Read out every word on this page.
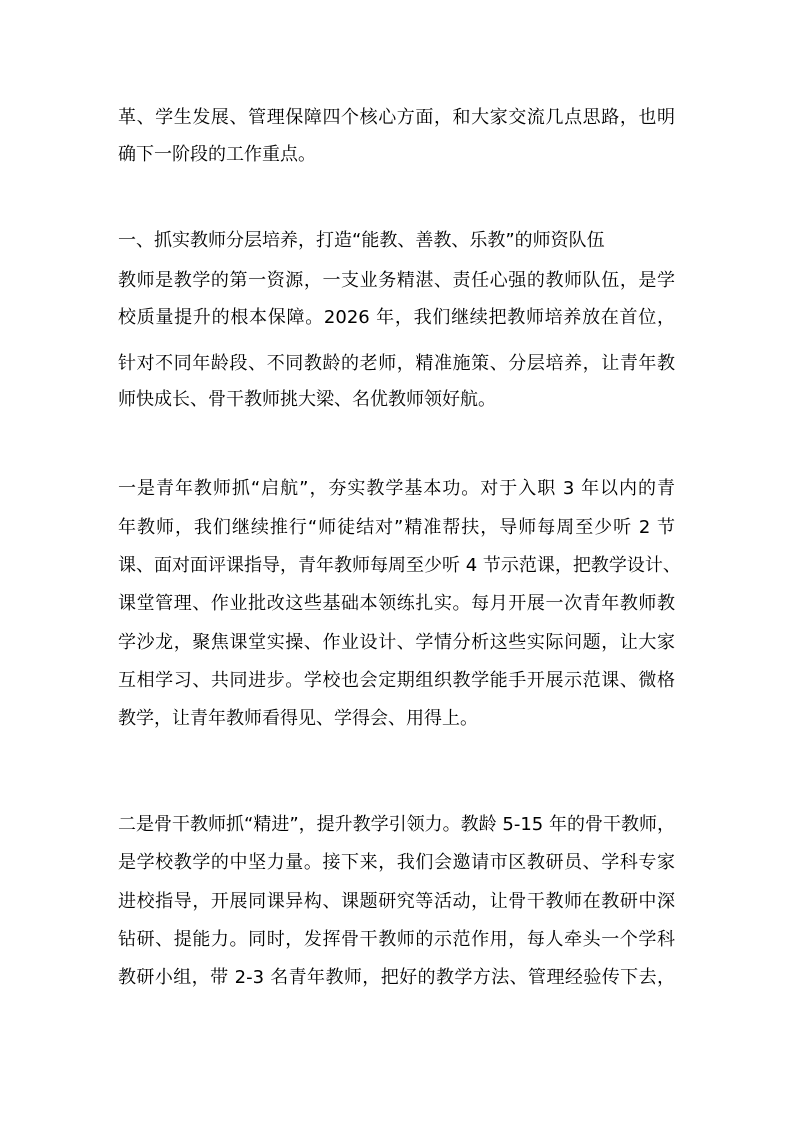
革、学生发展、管理保障四个核心方面，和大家交流几点思路，也明
确下一阶段的工作重点。
一、抓实教师分层培养，打造“能教、善教、乐教”的师资队伍
教师是教学的第一资源，一支业务精湛、责任心强的教师队伍，是学
校质量提升的根本保障。2026 年，我们继续把教师培养放在首位，
针对不同年龄段、不同教龄的老师，精准施策、分层培养，让青年教
师快成长、骨干教师挑大梁、名优教师领好航。
一是青年教师抓“启航”，夯实教学基本功。对于入职 3 年以内的青
年教师，我们继续推行“师徒结对”精准帮扶，导师每周至少听 2 节
课、面对面评课指导，青年教师每周至少听 4 节示范课，把教学设计、
课堂管理、作业批改这些基础本领练扎实。每月开展一次青年教师教
学沙龙，聚焦课堂实操、作业设计、学情分析这些实际问题，让大家
互相学习、共同进步。学校也会定期组织教学能手开展示范课、微格
教学，让青年教师看得见、学得会、用得上。
二是骨干教师抓“精进”，提升教学引领力。教龄 5-15 年的骨干教师，
是学校教学的中坚力量。接下来，我们会邀请市区教研员、学科专家
进校指导，开展同课异构、课题研究等活动，让骨干教师在教研中深
钻研、提能力。同时，发挥骨干教师的示范作用，每人牵头一个学科
教研小组，带 2-3 名青年教师，把好的教学方法、管理经验传下去，
